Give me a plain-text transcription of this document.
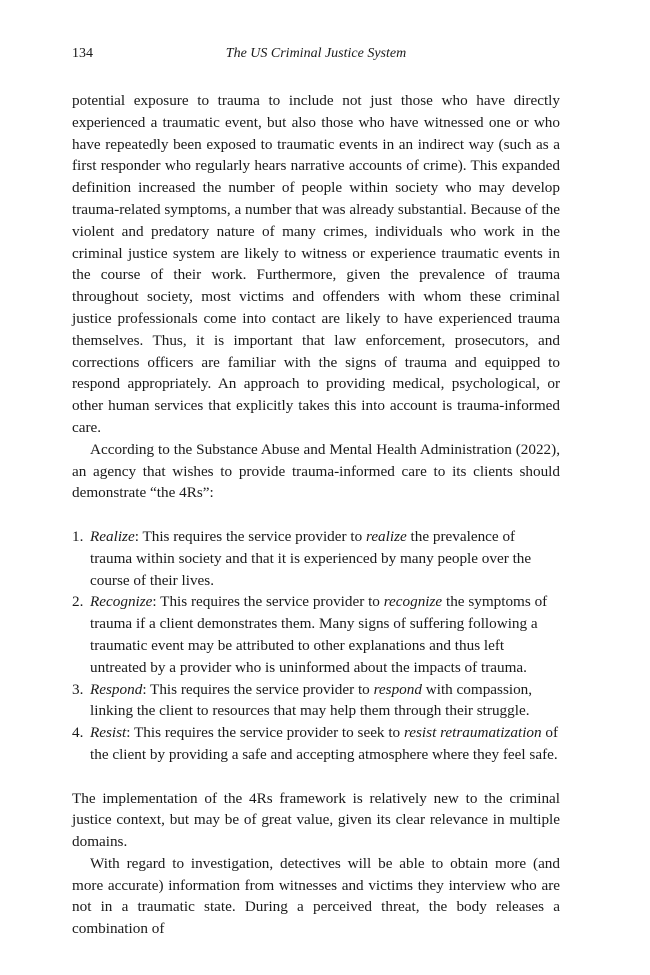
134	The US Criminal Justice System

potential exposure to trauma to include not just those who have directly experienced a traumatic event, but also those who have witnessed one or who have repeatedly been exposed to traumatic events in an indirect way (such as a first responder who regularly hears narrative accounts of crime). This expanded definition increased the number of people within society who may develop trauma-related symptoms, a number that was already substantial. Because of the violent and predatory nature of many crimes, individuals who work in the criminal justice system are likely to witness or experience traumatic events in the course of their work. Furthermore, given the prevalence of trauma throughout society, most victims and offenders with whom these criminal justice professionals come into contact are likely to have experienced trauma themselves. Thus, it is important that law enforcement, prosecutors, and corrections officers are familiar with the signs of trauma and equipped to respond appropriately. An approach to providing medical, psychological, or other human services that explicitly takes this into account is trauma-informed care.

According to the Substance Abuse and Mental Health Administration (2022), an agency that wishes to provide trauma-informed care to its clients should demonstrate “the 4Rs”:

1. Realize: This requires the service provider to realize the prevalence of trauma within society and that it is experienced by many people over the course of their lives.
2. Recognize: This requires the service provider to recognize the symptoms of trauma if a client demonstrates them. Many signs of suffering following a traumatic event may be attributed to other explanations and thus left untreated by a provider who is uninformed about the impacts of trauma.
3. Respond: This requires the service provider to respond with compassion, linking the client to resources that may help them through their struggle.
4. Resist: This requires the service provider to seek to resist retraumatization of the client by providing a safe and accepting atmosphere where they feel safe.

The implementation of the 4Rs framework is relatively new to the criminal justice context, but may be of great value, given its clear relevance in multiple domains.

With regard to investigation, detectives will be able to obtain more (and more accurate) information from witnesses and victims they interview who are not in a traumatic state. During a perceived threat, the body releases a combination of
